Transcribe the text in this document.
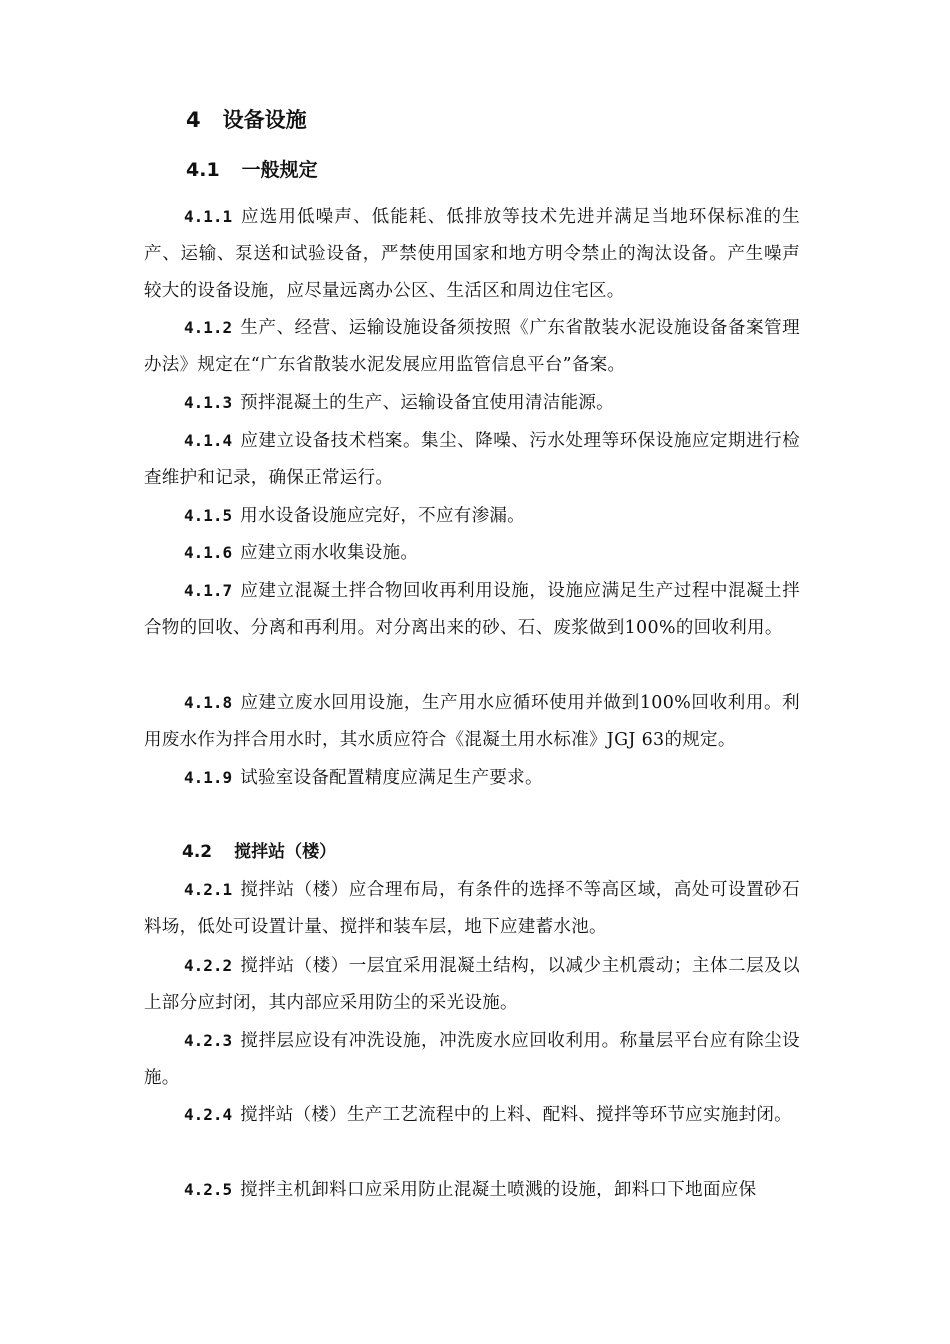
4 设备设施
4.1 一般规定
4.1.1 应选用低噪声、低能耗、低排放等技术先进并满足当地环保标准的生产、运输、泵送和试验设备，严禁使用国家和地方明令禁止的淘汰设备。产生噪声较大的设备设施，应尽量远离办公区、生活区和周边住宅区。
4.1.2 生产、经营、运输设施设备须按照《广东省散装水泥设施设备备案管理办法》规定在“广东省散装水泥发展应用监管信息平台”备案。
4.1.3 预拌混凝土的生产、运输设备宜使用清洁能源。
4.1.4 应建立设备技术档案。集尘、降噪、污水处理等环保设施应定期进行检查维护和记录，确保正常运行。
4.1.5 用水设备设施应完好，不应有渗漏。
4.1.6 应建立雨水收集设施。
4.1.7 应建立混凝土拌合物回收再利用设施，设施应满足生产过程中混凝土拌合物的回收、分离和再利用。对分离出来的砂、石、废浆做到100%的回收利用。
4.1.8 应建立废水回用设施，生产用水应循环使用并做到100%回收利用。利用废水作为拌合用水时，其水质应符合《混凝土用水标准》JGJ 63的规定。
4.1.9 试验室设备配置精度应满足生产要求。
4.2 搅拌站（楼）
4.2.1 搅拌站（楼）应合理布局，有条件的选择不等高区域，高处可设置砂石料场，低处可设置计量、搅拌和装车层，地下应建蓄水池。
4.2.2 搅拌站（楼）一层宜采用混凝土结构，以减少主机震动；主体二层及以上部分应封闭，其内部应采用防尘的采光设施。
4.2.3 搅拌层应设有冲洗设施，冲洗废水应回收利用。称量层平台应有除尘设施。
4.2.4 搅拌站（楼）生产工艺流程中的上料、配料、搅拌等环节应实施封闭。
4.2.5 搅拌主机卸料口应采用防止混凝土喷溅的设施，卸料口下地面应保
